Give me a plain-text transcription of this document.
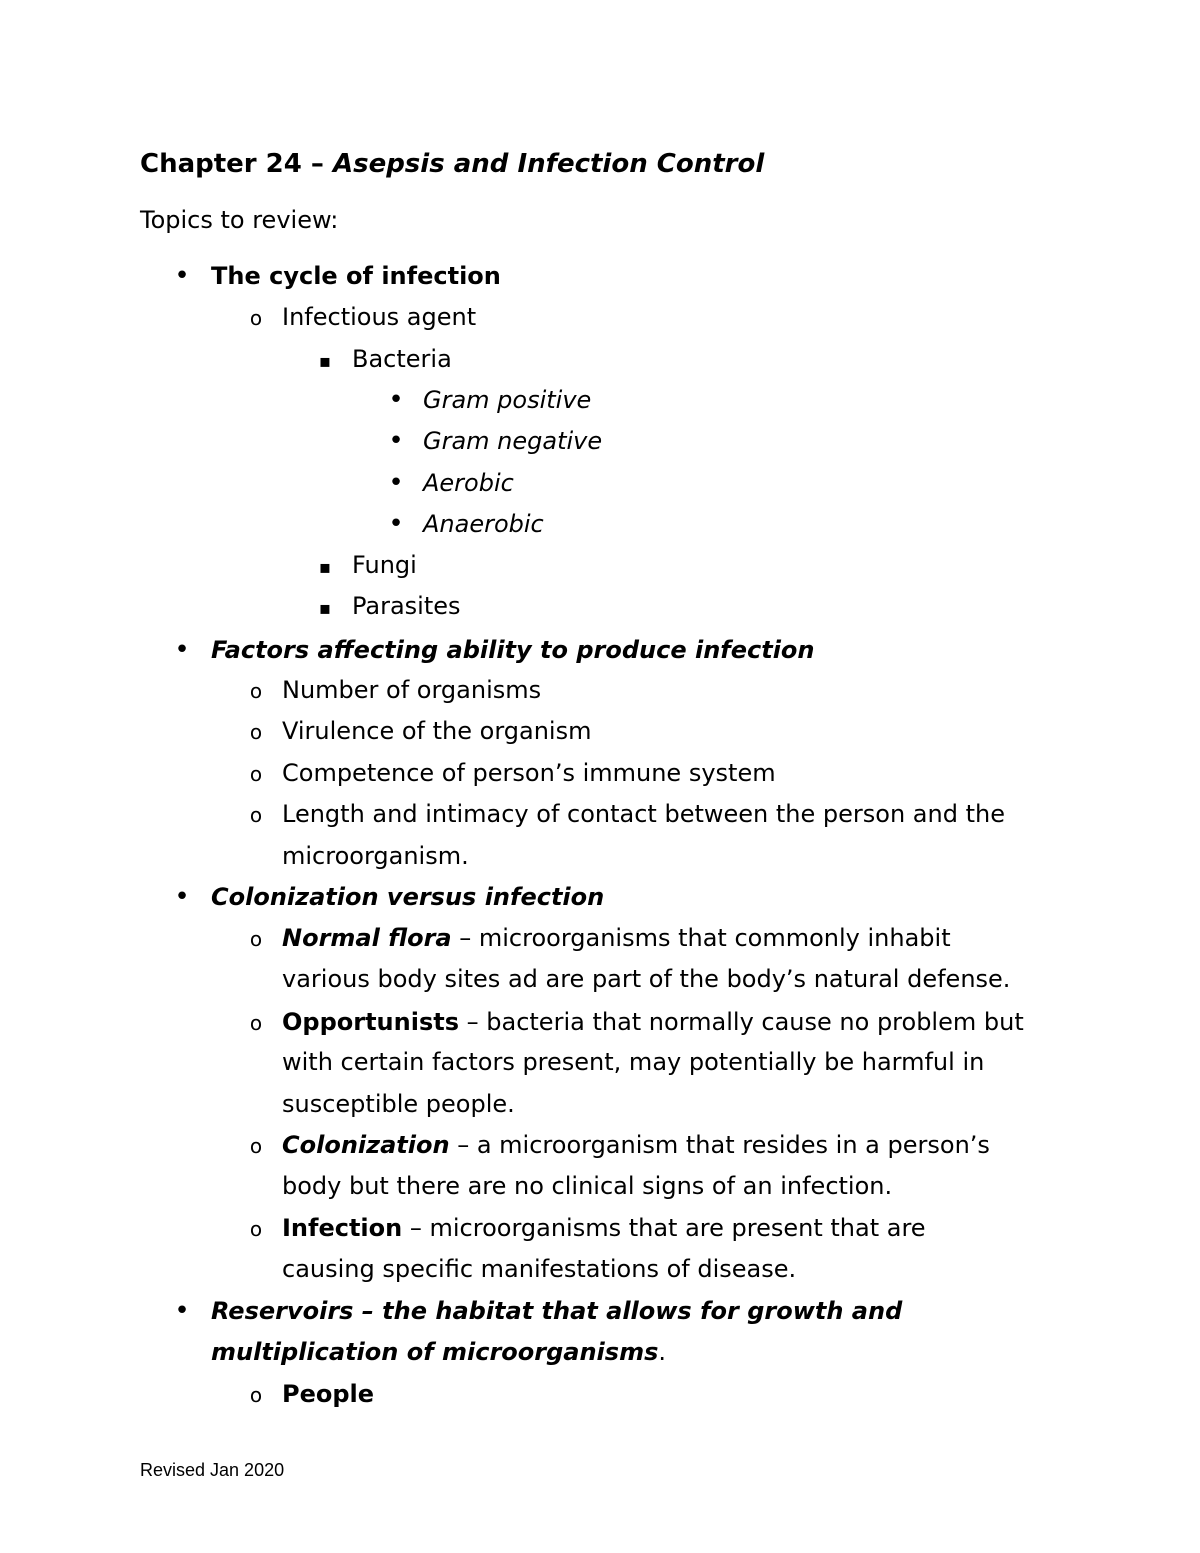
Chapter 24 – Asepsis and Infection Control
Topics to review:
•
The cycle of infection
o
Infectious agent
▪
Bacteria
•
Gram positive
•
Gram negative
•
Aerobic
•
Anaerobic
▪
Fungi
▪
Parasites
•
Factors affecting ability to produce infection
o
Number of organisms
o
Virulence of the organism
o
Competence of person’s immune system
o
Length and intimacy of contact between the person and the
microorganism.
•
Colonization versus infection
o
Normal flora – microorganisms that commonly inhabit
various body sites ad are part of the body’s natural defense.
o
Opportunists – bacteria that normally cause no problem but
with certain factors present, may potentially be harmful in
susceptible people.
o
Colonization – a microorganism that resides in a person’s
body but there are no clinical signs of an infection.
o
Infection – microorganisms that are present that are
causing specific manifestations of disease.
•
Reservoirs – the habitat that allows for growth and
multiplication of microorganisms.
o
People
Revised Jan 2020
